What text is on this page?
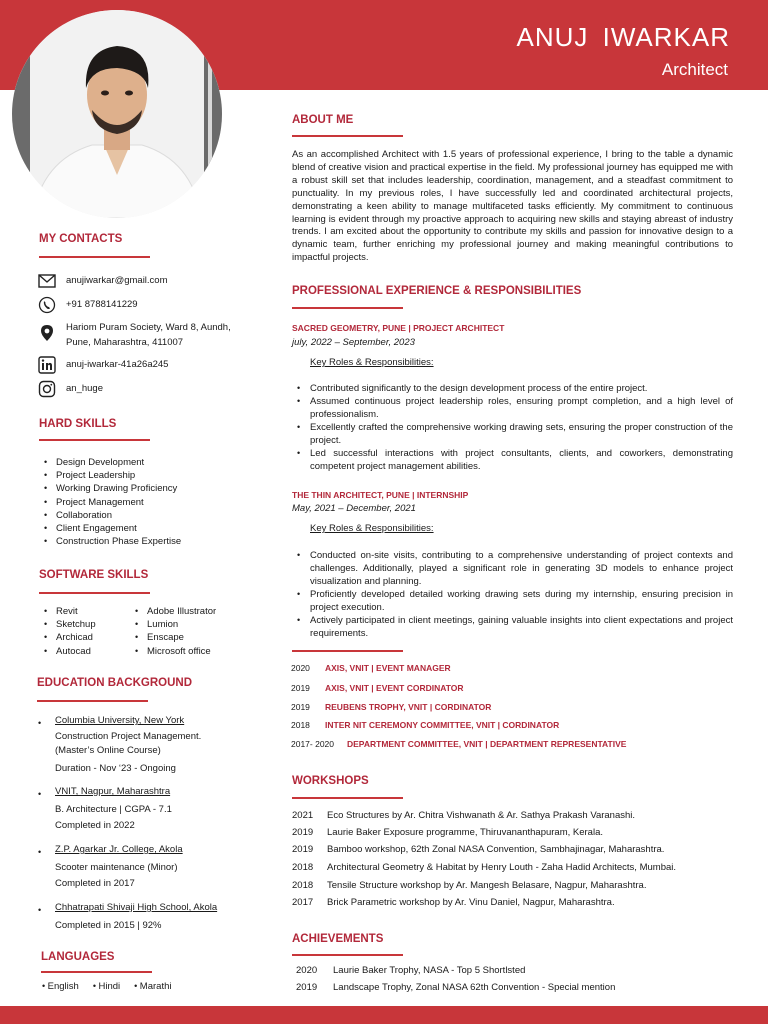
ANUJ IWARKAR
Architect
MY CONTACTS
anujiwarkar@gmail.com
+91 8788141229
Hariom Puram Society, Ward 8, Aundh,
Pune, Maharashtra, 411007
anuj-iwarkar-41a26a245
an_huge
HARD SKILLS
• Design Development
• Project Leadership
• Working Drawing Proficiency
• Project Management
• Collaboration
• Client Engagement
• Construction Phase Expertise
SOFTWARE SKILLS
• Revit
• Sketchup
• Archicad
• Autocad
• Adobe Illustrator
• Lumion
• Enscape
• Microsoft office
EDUCATION BACKGROUND
• Columbia University, New York
Construction Project Management.
(Master’s Online Course)
Duration - Nov ‘23 - Ongoing
• VNIT, Nagpur, Maharashtra
B. Architecture | CGPA - 7.1
Completed in 2022
• Z.P. Agarkar Jr. College, Akola
Scooter maintenance (Minor)
Completed in 2017
• Chhatrapati Shivaji High School, Akola
Completed in 2015 | 92%
LANGUAGES
• English	• Hindi	• Marathi
ABOUT ME
As an accomplished Architect with 1.5 years of professional experience, I bring to the table a dynamic blend of creative vision and practical expertise in the field. My professional journey has equipped me with a robust skill set that includes leadership, coordination, management, and a steadfast commitment to punctuality. In my previous roles, I have successfully led and coordinated architectural projects, demonstrating a keen ability to manage multifaceted tasks efficiently. My commitment to continuous learning is evident through my proactive approach to acquiring new skills and staying abreast of industry trends. I am excited about the opportunity to contribute my skills and passion for innovative design to a dynamic team, further enriching my professional journey and making meaningful contributions to impactful projects.
PROFESSIONAL EXPERIENCE & RESPONSIBILITIES
SACRED GEOMETRY, PUNE | PROJECT ARCHITECT
july, 2022 – September, 2023
Key Roles & Responsibilities:
• Contributed significantly to the design development process of the entire project.
• Assumed continuous project leadership roles, ensuring prompt completion, and a high level of professionalism.
• Excellently crafted the comprehensive working drawing sets, ensuring the proper construction of the project.
• Led successful interactions with project consultants, clients, and coworkers, demonstrating competent project management abilities.
THE THIN ARCHITECT, PUNE | INTERNSHIP
May, 2021 – December, 2021
Key Roles & Responsibilities:
• Conducted on-site visits, contributing to a comprehensive understanding of project contexts and challenges. Additionally, played a significant role in generating 3D models to enhance project visualization and planning.
• Proficiently developed detailed working drawing sets during my internship, ensuring precision in project execution.
• Actively participated in client meetings, gaining valuable insights into client expectations and project requirements.
2020	AXIS, VNIT | EVENT MANAGER
2019	AXIS, VNIT | EVENT CORDINATOR
2019	REUBENS TROPHY, VNIT | CORDINATOR
2018	INTER NIT CEREMONY COMMITTEE, VNIT | CORDINATOR
2017- 2020	DEPARTMENT COMMITTEE, VNIT | DEPARTMENT REPRESENTATIVE
WORKSHOPS
2021	Eco Structures by Ar. Chitra Vishwanath & Ar. Sathya Prakash Varanashi.
2019	Laurie Baker Exposure programme, Thiruvananthapuram, Kerala.
2019	Bamboo workshop, 62th Zonal NASA Convention, Sambhajinagar, Maharashtra.
2018	Architectural Geometry & Habitat by Henry Louth - Zaha Hadid Architects, Mumbai.
2018	Tensile Structure workshop by Ar. Mangesh Belasare, Nagpur, Maharashtra.
2017	Brick Parametric workshop by Ar. Vinu Daniel, Nagpur, Maharashtra.
ACHIEVEMENTS
2020	Laurie Baker Trophy, NASA - Top 5 Shortlsted
2019	Landscape Trophy, Zonal NASA 62th Convention - Special mention
